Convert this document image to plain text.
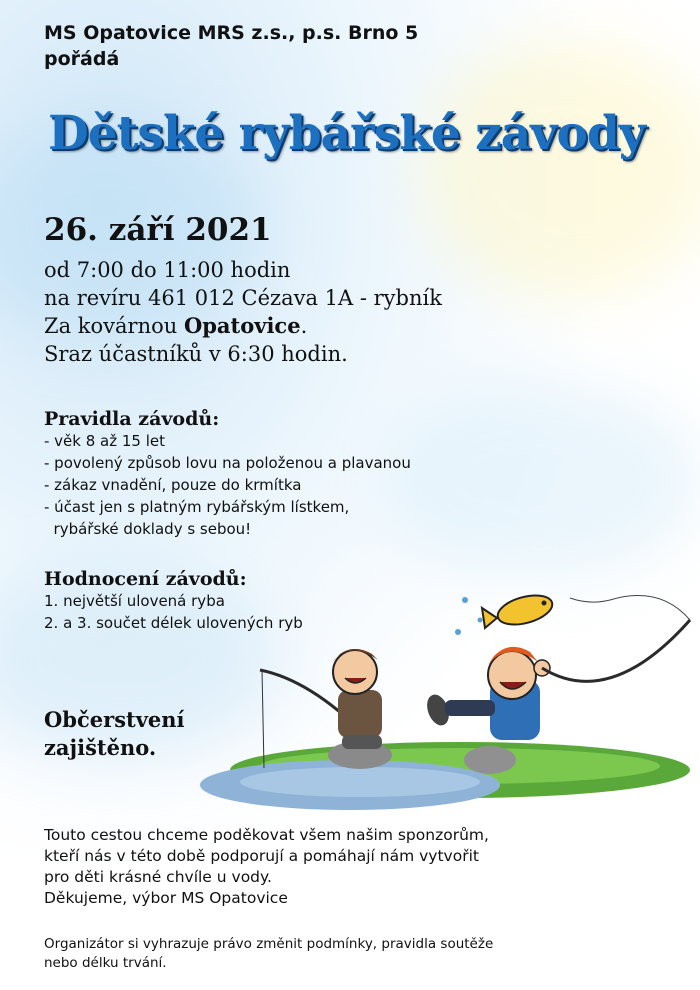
MS Opatovice MRS z.s., p.s. Brno 5
pořádá
Dětské rybářské závody
26. září 2021
od 7:00 do 11:00 hodin
na revíru 461 012 Cézava 1A - rybník
Za kovárnou Opatovice.
Sraz účastníků v 6:30 hodin.
Pravidla závodů:
- věk 8 až 15 let
- povolený způsob lovu na položenou a plavanou
- zákaz vnadění, pouze do krmítka
- účast jen s platným rybářským lístkem,
rybářské doklady s sebou!
Hodnocení závodů:
1. největší ulovená ryba
2. a 3. součet délek ulovených ryb
Občerstvení
zajištěno.
Touto cestou chceme poděkovat všem našim sponzorům,
kteří nás v této době podporují a pomáhají nám vytvořit
pro děti krásné chvíle u vody.
Děkujeme, výbor MS Opatovice
Organizátor si vyhrazuje právo změnit podmínky, pravidla soutěže
nebo délku trvání.
